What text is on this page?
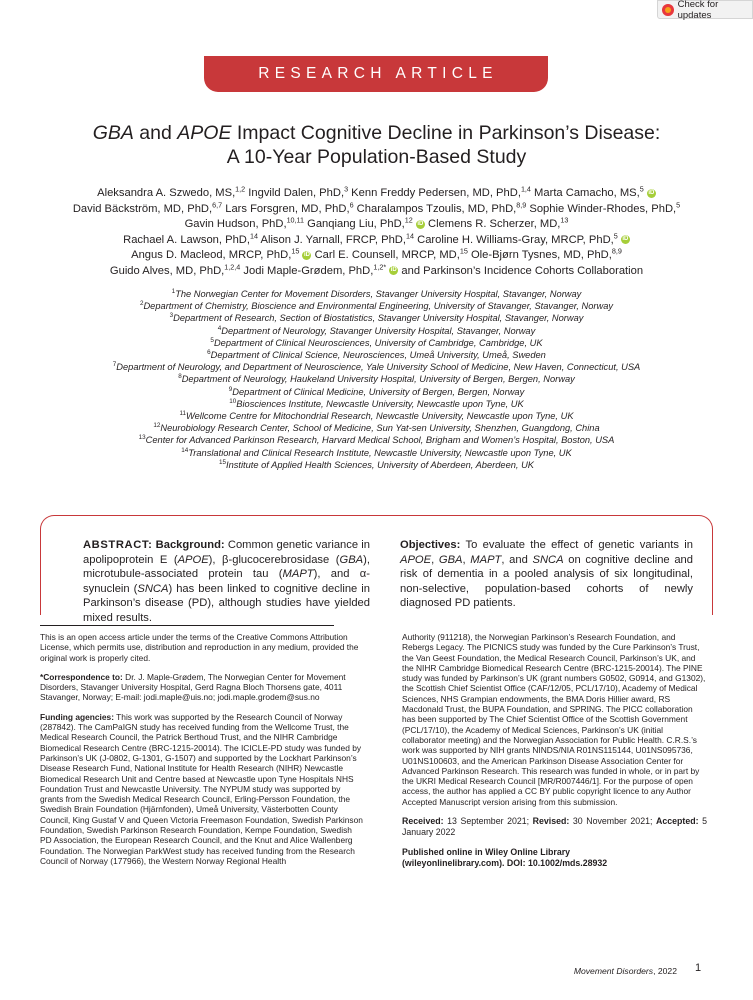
Check for updates
RESEARCH ARTICLE
GBA and APOE Impact Cognitive Decline in Parkinson’s Disease:
A 10-Year Population-Based Study
Aleksandra A. Szwedo, MS,$^{1,2}$ Ingvild Dalen, PhD,$^3$ Kenn Freddy Pedersen, MD, PhD,$^{1,4}$ Marta Camacho, MS,$^5$ iD
David Bäckström, MD, PhD,$^{6,7}$ Lars Forsgren, MD, PhD,$^6$ Charalampos Tzoulis, MD, PhD,$^{8,9}$ Sophie Winder-Rhodes, PhD,$^5$
Gavin Hudson, PhD,$^{10,11}$ Ganqiang Liu, PhD,$^{12}$ iD Clemens R. Scherzer, MD,$^{13}$
Rachael A. Lawson, PhD,$^{14}$ Alison J. Yarnall, FRCP, PhD,$^{14}$ Caroline H. Williams-Gray, MRCP, PhD,$^5$ iD
Angus D. Macleod, MRCP, PhD,$^{15}$ iD Carl E. Counsell, MRCP, MD,$^{15}$ Ole-Bjørn Tysnes, MD, PhD,$^{8,9}$
Guido Alves, MD, PhD,$^{1,2,4}$ Jodi Maple-Grødem, PhD,$^{1,2*}$ iD and Parkinson’s Incidence Cohorts Collaboration
$^1$The Norwegian Center for Movement Disorders, Stavanger University Hospital, Stavanger, Norway
$^2$Department of Chemistry, Bioscience and Environmental Engineering, University of Stavanger, Stavanger, Norway
$^3$Department of Research, Section of Biostatistics, Stavanger University Hospital, Stavanger, Norway
$^4$Department of Neurology, Stavanger University Hospital, Stavanger, Norway
$^5$Department of Clinical Neurosciences, University of Cambridge, Cambridge, UK
$^6$Department of Clinical Science, Neurosciences, Umeå University, Umeå, Sweden
$^7$Department of Neurology, and Department of Neuroscience, Yale University School of Medicine, New Haven, Connecticut, USA
$^8$Department of Neurology, Haukeland University Hospital, University of Bergen, Bergen, Norway
$^9$Department of Clinical Medicine, University of Bergen, Bergen, Norway
$^{10}$Biosciences Institute, Newcastle University, Newcastle upon Tyne, UK
$^{11}$Wellcome Centre for Mitochondrial Research, Newcastle University, Newcastle upon Tyne, UK
$^{12}$Neurobiology Research Center, School of Medicine, Sun Yat-sen University, Shenzhen, Guangdong, China
$^{13}$Center for Advanced Parkinson Research, Harvard Medical School, Brigham and Women’s Hospital, Boston, USA
$^{14}$Translational and Clinical Research Institute, Newcastle University, Newcastle upon Tyne, UK
$^{15}$Institute of Applied Health Sciences, University of Aberdeen, Aberdeen, UK
ABSTRACT: Background: Common genetic variance in apolipoprotein E (APOE), β-glucocerebrosidase (GBA), microtubule-associated protein tau (MAPT), and α-synuclein (SNCA) has been linked to cognitive decline in Parkinson’s disease (PD), although studies have yielded mixed results.
Objectives: To evaluate the effect of genetic variants in APOE, GBA, MAPT, and SNCA on cognitive decline and risk of dementia in a pooled analysis of six longitudinal, non-selective, population-based cohorts of newly diagnosed PD patients.

This is an open access article under the terms of the Creative Commons Attribution License, which permits use, distribution and reproduction in any medium, provided the original work is properly cited.

*Correspondence to: Dr. J. Maple-Grødem, The Norwegian Center for Movement Disorders, Stavanger University Hospital, Gerd Ragna Bloch Thorsens gate, 4011 Stavanger, Norway; E-mail: jodi.maple@uis.no; jodi.maple.grodem@sus.no

Funding agencies: This work was supported by the Research Council of Norway (287842). The CamPaIGN study has received funding from the Wellcome Trust, the Medical Research Council, the Patrick Berthoud Trust, and the NIHR Cambridge Biomedical Research Centre (BRC-1215-20014). The ICICLE-PD study was funded by Parkinson’s UK (J-0802, G-1301, G-1507) and supported by the Lockhart Parkinson’s Disease Research Fund, National Institute for Health Research (NIHR) Newcastle Biomedical Research Unit and Centre based at Newcastle upon Tyne Hospitals NHS Foundation Trust and Newcastle University. The NYPUM study was supported by grants from the Swedish Medical Research Council, Erling-Persson Foundation, the Swedish Brain Foundation (Hjärnfonden), Umeå University, Västerbotten County Council, King Gustaf V and Queen Victoria Freemason Foundation, Swedish Parkinson Foundation, Swedish Parkinson Research Foundation, Kempe Foundation, Swedish PD Association, the European Research Council, and the Knut and Alice Wallenberg Foundation. The Norwegian ParkWest study has received funding from the Research Council of Norway (177966), the Western Norway Regional Health

Authority (911218), the Norwegian Parkinson’s Research Foundation, and Rebergs Legacy. The PICNICS study was funded by the Cure Parkinson’s Trust, the Van Geest Foundation, the Medical Research Council, Parkinson’s UK, and the NIHR Cambridge Biomedical Research Centre (BRC-1215-20014). The PINE study was funded by Parkinson’s UK (grant numbers G0502, G0914, and G1302), the Scottish Chief Scientist Office (CAF/12/05, PCL/17/10), Academy of Medical Sciences, NHS Grampian endowments, the BMA Doris Hillier award, RS Macdonald Trust, the BUPA Foundation, and SPRING. The PICC collaboration has been supported by The Chief Scientist Office of the Scottish Government (PCL/17/10), the Academy of Medical Sciences, Parkinson’s UK (initial collaborator meeting) and the Norwegian Association for Public Health. C.R.S.’s work was supported by NIH grants NINDS/NIA R01NS115144, U01NS095736, U01NS100603, and the American Parkinson Disease Association Center for Advanced Parkinson Research. This research was funded in whole, or in part by the UKRI Medical Research Council [MR/R007446/1]. For the purpose of open access, the author has applied a CC BY public copyright licence to any Author Accepted Manuscript version arising from this submission.

Received: 13 September 2021; Revised: 30 November 2021; Accepted: 5 January 2022

Published online in Wiley Online Library
(wileyonlinelibrary.com). DOI: 10.1002/mds.28932

Movement Disorders, 2022 1
